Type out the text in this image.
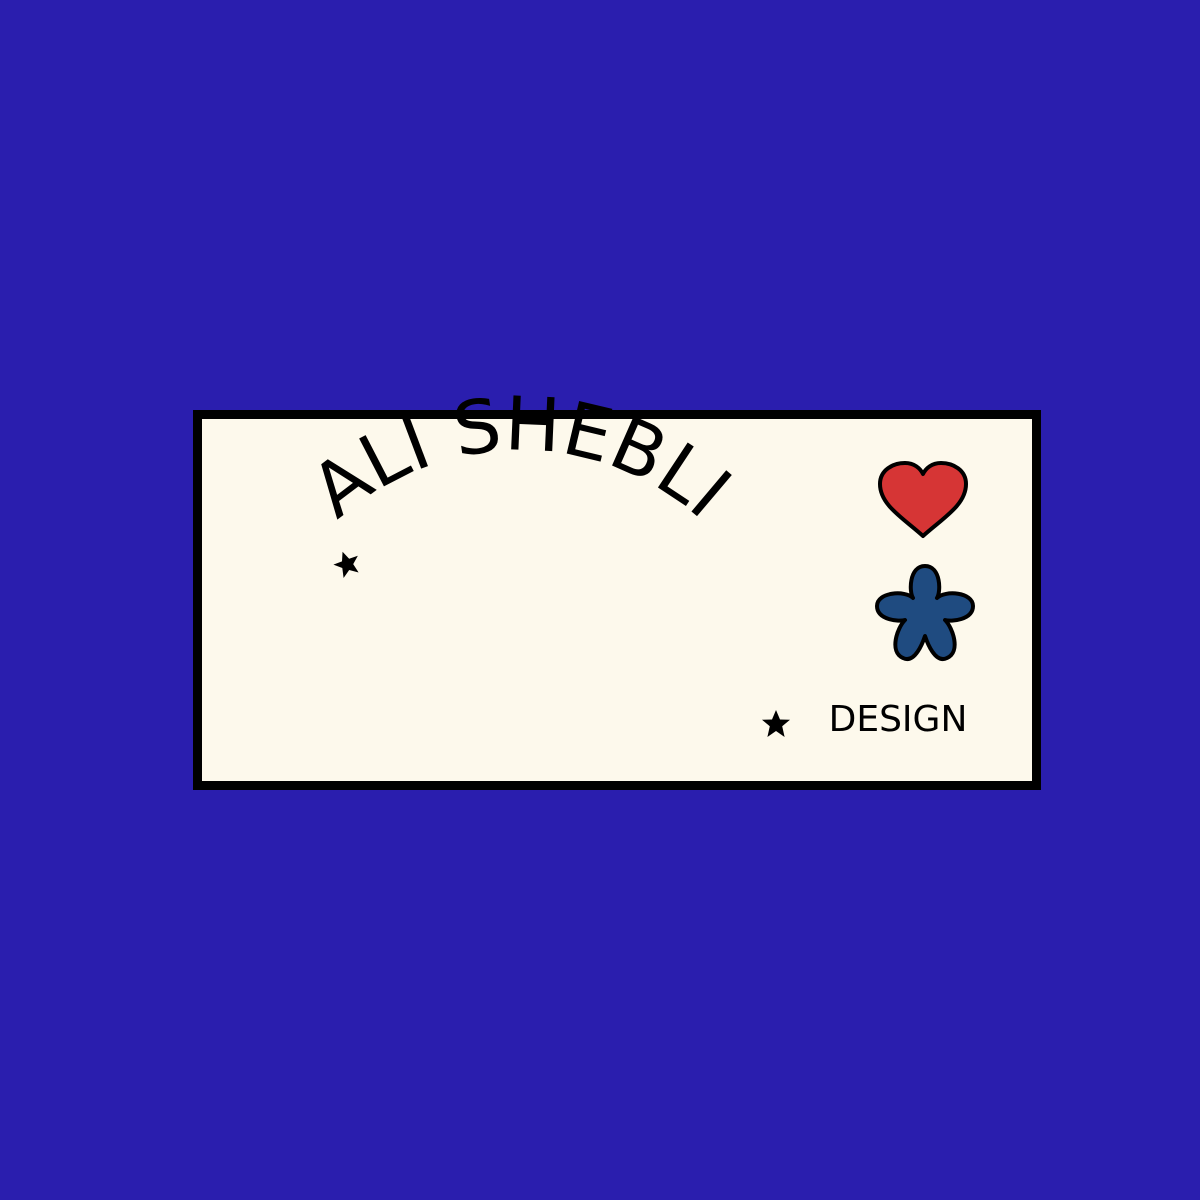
ALI SHEBLI
DESIGN
